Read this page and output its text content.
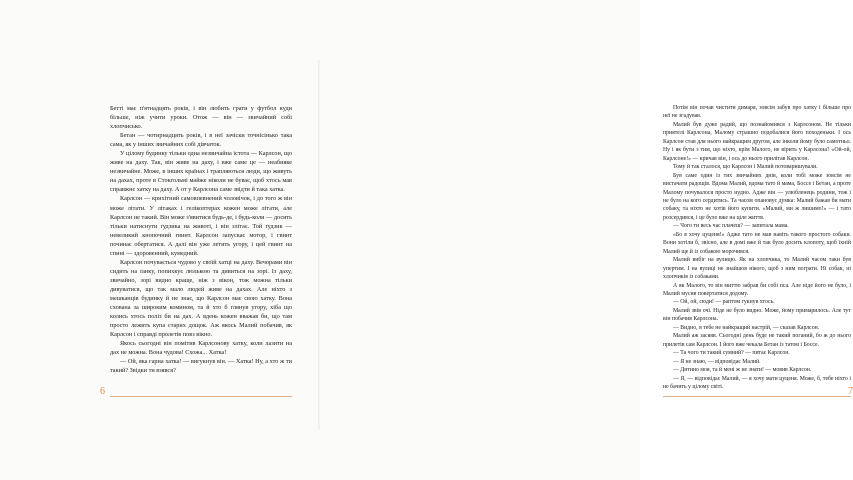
Бетті має п'ятнадцять років, і він любить грати у футбол куди більше, ніж учити уроки. Отож — він — звичайний собі хлопчисько.

Бетан — чотирнадцять років, і в неї зачіски точнісінько така сама, як у інших звичайних собі дівчаток.

У цілому будинку тільки одна незвичайна істота — Карлсон, що живе на даху. Так, він живе на даху, і вже саме це — неабияке незвичайне. Може, в інших країнах і трапляються люди, що живуть на дахах, проте в Стокгольмі майже ніколи не буває, щоб хтось мав справжнє хатку на даху. А от у Карлсона саме звідти й така хатка.

Карлсон — крихітний самовпевнений чоловічок, і до того ж він може літати. У літаках і гелікоптерах кожен може літати, але Карлсон не такий. Він може з'явитися будь-де, і будь-коли — досить тільки натиснути ґудзика на животі, і він злітає. Той ґудзик — невеликий кнопочний гвинт. Карлсон запускає мотор, і гвинт починає обертатися. А далі він уже летить угору, і цей гвинт на спині — здоровенний, кумедний.

Карлсон почувається чудово у своїй хатці на даху. Вечорами він сидить на ґанку, попихкує люлькою та дивиться на зорі. Із даху, звичайно, зорі видно краще, ніж з вікон, тож можна тільки дивуватися, що так мало людей живе на дахах. Але ніхто з мешканців будинку й не знає, що Карлсон має свою хатку. Вона схована за широким комином, та й хто б глянув угору, хіба що колись хтось поліз би на дах. А вдень кожен вважав би, що там просто лежить купа старих дощок. Аж якось Малий побачив, як Карлсон і справді пролетів повз вікно.

Якось сьогодні він помітив Карлсонову хатку, коли лазити на дах не можна. Вона чудова! Схожа... Хатка!

— Ой, яка гарна хатка! — вигукнув він. — Хатка! Ну, а хто ж ти такий? Звідки ти взявся?

6

Потім він почав чистити димаря, зовсім забув про хатку і більше про неї не згадував.

Малий був дуже радий, що познайомився з Карлсоном. Не тільки приятелі Карлсона, Малому страшно подобалися його походеньки. І ось Карлсон став для нього найкращим другом, але інколи йому було самотньо. Ну і як бути з тим, що ніхто, крім Малого, не вірить у Карлсона? «Ой-ой, Карлсоне!» — кричав він, і ось до нього прилітав Карлсон.

Тому й так сталося, що Карлсон і Малий потоваришували.

Був саме один із тих звичайних днів, коли тобі може зовсім не вистачати радощів. Вдома Малий, вдома тато й мама, Боссе і Бетан, а проте Малому почувалося просто нудно. Адже він — улюбленець родини, тож і не було на кого сердитись. Та часом опановує думка: Малий бажав би мати собаку, та ніхто не хотів його купити. «Малий, ми ж лишимо!» — і тато розсердився, і це було вже на ціле життя.

— Чого ти весь час плачеш? — запитала мама.

«Бо я хочу цуценя!» Адже тато не мав навіть такого простого собаки. Вони хотіли б, звісно, але в домі вже й так було досить клопоту, щоб їхній Малий ще й із собакою морочився.

Малий вибіг на вулицю. Як на хлопчика, то Малий часом таки був упертим. І на вулиці не знайшов нікого, щоб з ним пограти. Ні собак, ні хлопчиків із собаками.

А як Малого, то він миттю забрав би собі пса. Але ніде його не було, і Малий мусив повертатися додому.

— Ой, ой, сюди! — раптом гукнув хтось.

Малий звів очі. Ніде не було видно. Може, йому примарилось. Але тут він побачив Карлсона.

— Видно, в тебе не найкращий настрій, — сказав Карлсон.

Малий аж засяяв. Сьогодні день буде не такий поганий, бо ж до нього прилетів сам Карлсон. І його вже чекала Бетан із татом і Боссе.

— Та чого ти такий сумний? — питає Карлсон.

— Я не знаю, — відповідає Малий.

— Дитино моя, та й мені ж не знати! — мовив Карлсон.

— Я, — відповідає Малий, — я хочу мати цуценя. Може, б, тебе ніхто і не бачить у цілому світі.	7
